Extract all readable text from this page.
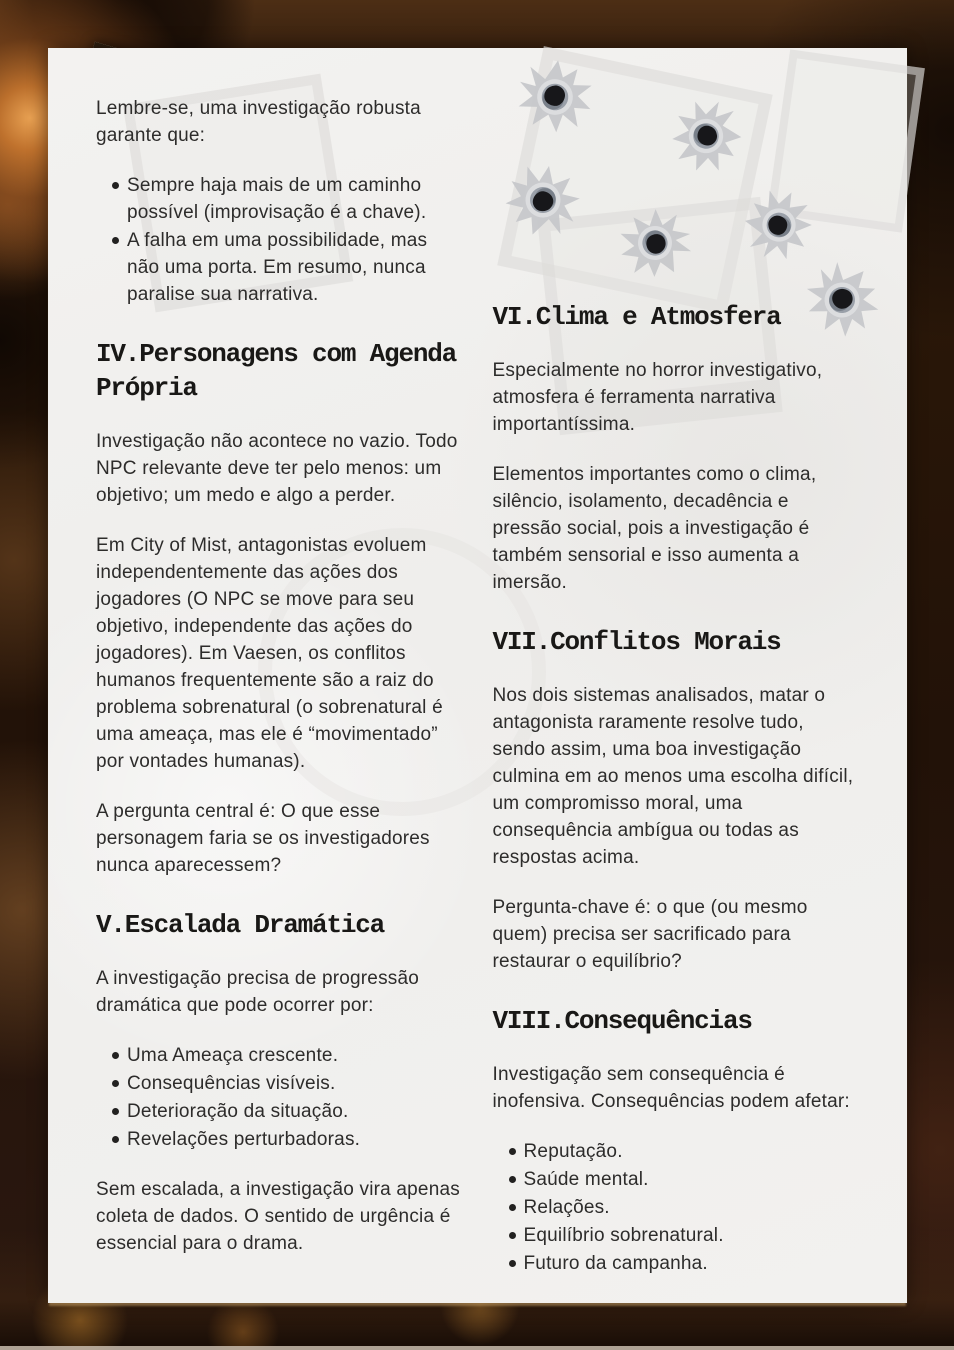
Lembre-se, uma investigação robusta garante que:

Sempre haja mais de um caminho possível (improvisação é a chave).
A falha em uma possibilidade, mas não uma porta. Em resumo, nunca paralise sua narrativa.
IV.Personagens com Agenda Própria

Investigação não acontece no vazio. Todo NPC relevante deve ter pelo menos: um objetivo; um medo e algo a perder.

Em City of Mist, antagonistas evoluem independentemente das ações dos jogadores (O NPC se move para seu objetivo, independente das ações do jogadores). Em Vaesen, os conflitos humanos frequentemente são a raiz do problema sobrenatural (o sobrenatural é uma ameaça, mas ele é “movimentado” por vontades humanas).

A pergunta central é: O que esse personagem faria se os investigadores nunca aparecessem?

V.Escalada Dramática

A investigação precisa de progressão dramática que pode ocorrer por:

Uma Ameaça crescente.
Consequências visíveis.
Deterioração da situação.
Revelações perturbadoras.

Sem escalada, a investigação vira apenas coleta de dados. O sentido de urgência é essencial para o drama.

VI.Clima e Atmosfera

Especialmente no horror investigativo, atmosfera é ferramenta narrativa importantíssima.

Elementos importantes como o clima, silêncio, isolamento, decadência e pressão social, pois a investigação é também sensorial e isso aumenta a imersão.

VII.Conflitos Morais

Nos dois sistemas analisados, matar o antagonista raramente resolve tudo, sendo assim, uma boa investigação culmina em ao menos uma escolha difícil, um compromisso moral, uma consequência ambígua ou todas as respostas acima.

Pergunta-chave é: o que (ou mesmo quem) precisa ser sacrificado para restaurar o equilíbrio?

VIII.Consequências

Investigação sem consequência é inofensiva. Consequências podem afetar:

Reputação.
Saúde mental.
Relações.
Equilíbrio sobrenatural.
Futuro da campanha.
